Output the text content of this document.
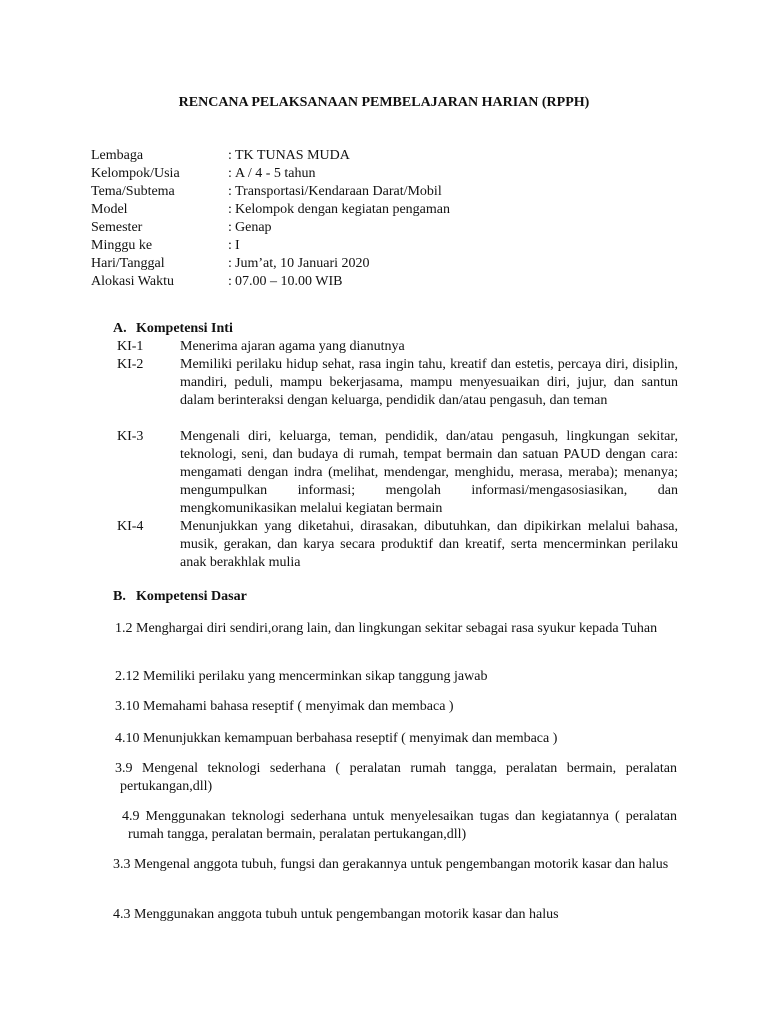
RENCANA PELAKSANAAN PEMBELAJARAN HARIAN (RPPH)
Lembaga	: TK TUNAS MUDA
Kelompok/Usia	: A / 4 - 5 tahun
Tema/Subtema	: Transportasi/Kendaraan Darat/Mobil
Model	: Kelompok dengan kegiatan pengaman
Semester	: Genap
Minggu ke	: I
Hari/Tanggal	: Jum’at, 10 Januari 2020
Alokasi Waktu	: 07.00 – 10.00 WIB
A. Kompetensi Inti
KI-1	Menerima ajaran agama yang dianutnya
KI-2	Memiliki perilaku hidup sehat, rasa ingin tahu, kreatif dan estetis, percaya diri, disiplin, mandiri, peduli, mampu bekerjasama, mampu menyesuaikan diri, jujur, dan santun dalam berinteraksi dengan keluarga, pendidik dan/atau pengasuh, dan teman
KI-3	Mengenali diri, keluarga, teman, pendidik, dan/atau pengasuh, lingkungan sekitar, teknologi, seni, dan budaya di rumah, tempat bermain dan satuan PAUD dengan cara: mengamati dengan indra (melihat, mendengar, menghidu, merasa, meraba); menanya; mengumpulkan informasi; mengolah informasi/mengasosiasikan, dan mengkomunikasikan melalui kegiatan bermain
KI-4	Menunjukkan yang diketahui, dirasakan, dibutuhkan, dan dipikirkan melalui bahasa, musik, gerakan, dan karya secara produktif dan kreatif, serta mencerminkan perilaku anak berakhlak mulia
B. Kompetensi Dasar
1.2 Menghargai diri sendiri,orang lain, dan lingkungan sekitar sebagai rasa syukur kepada Tuhan
2.12 Memiliki perilaku yang mencerminkan sikap tanggung jawab
3.10 Memahami bahasa reseptif ( menyimak dan membaca )
4.10 Menunjukkan kemampuan berbahasa reseptif ( menyimak dan membaca )
3.9 Mengenal teknologi sederhana ( peralatan rumah tangga, peralatan bermain, peralatan pertukangan,dll)
4.9 Menggunakan teknologi sederhana untuk menyelesaikan tugas dan kegiatannya ( peralatan rumah tangga, peralatan bermain, peralatan pertukangan,dll)
3.3 Mengenal anggota tubuh, fungsi dan gerakannya untuk pengembangan motorik kasar dan halus
4.3 Menggunakan anggota tubuh untuk pengembangan motorik kasar dan halus
